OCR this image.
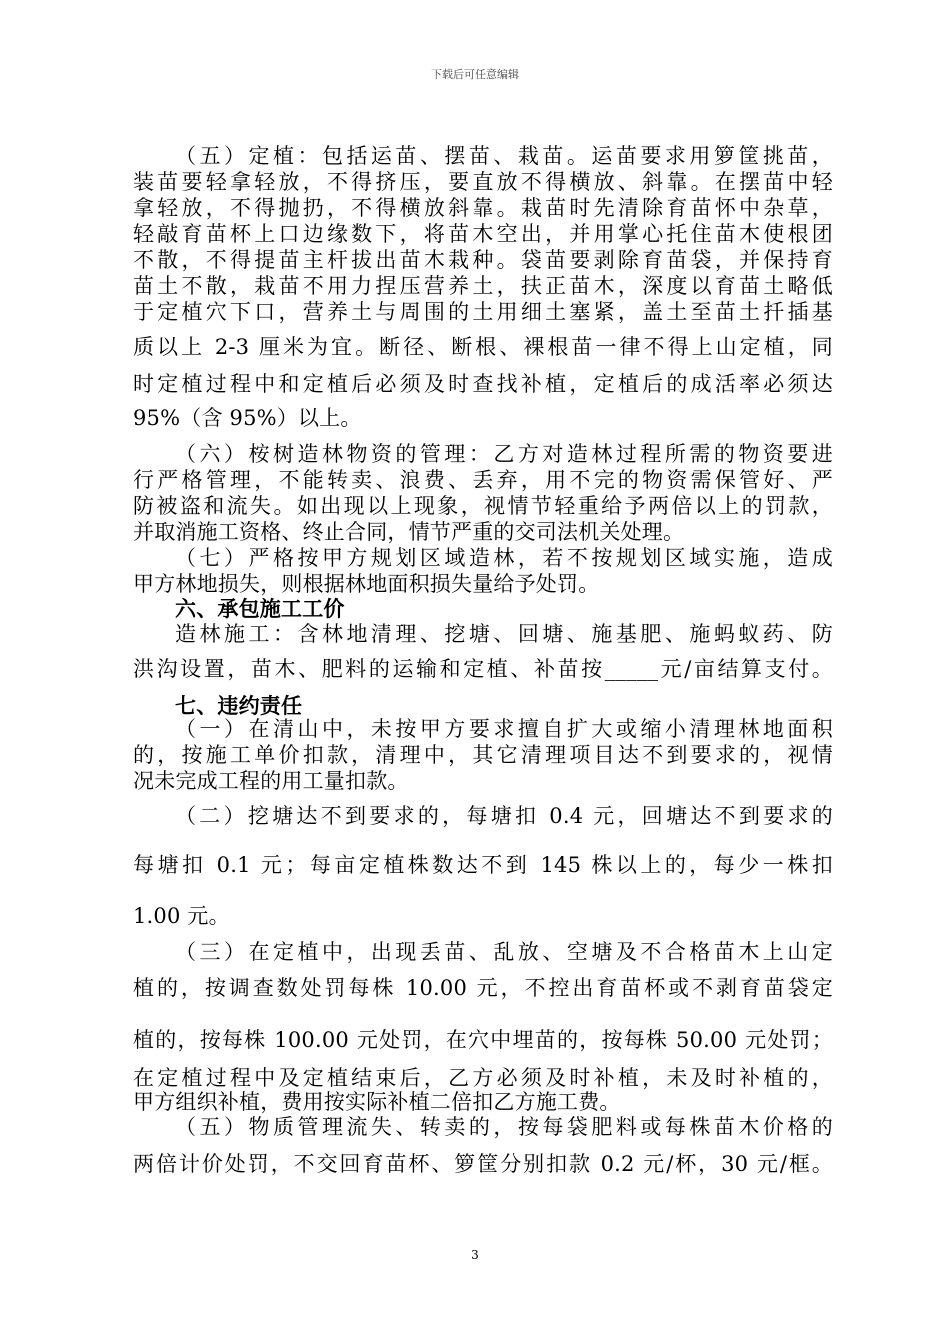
下载后可任意编辑
（五）定植：包括运苗、摆苗、栽苗。运苗要求用箩筐挑苗，
装苗要轻拿轻放，不得挤压，要直放不得横放、斜靠。在摆苗中轻
拿轻放，不得抛扔，不得横放斜靠。栽苗时先清除育苗怀中杂草，
轻敲育苗杯上口边缘数下，将苗木空出，并用掌心托住苗木使根团
不散，不得提苗主杆拔出苗木栽种。袋苗要剥除育苗袋，并保持育
苗土不散，栽苗不用力捏压营养土，扶正苗木，深度以育苗土略低
于定植穴下口，营养土与周围的土用细土塞紧，盖土至苗土扦插基
质以上 2-3 厘米为宜。断径、断根、裸根苗一律不得上山定植，同
时定植过程中和定植后必须及时查找补植，定植后的成活率必须达
95%（含 95%）以上。
（六）桉树造林物资的管理：乙方对造林过程所需的物资要进
行严格管理，不能转卖、浪费、丢弃，用不完的物资需保管好、严
防被盗和流失。如出现以上现象，视情节轻重给予两倍以上的罚款，
并取消施工资格、终止合同，情节严重的交司法机关处理。
（七）严格按甲方规划区域造林，若不按规划区域实施，造成
甲方林地损失，则根据林地面积损失量给予处罚。
六、承包施工工价
造林施工：含林地清理、挖塘、回塘、施基肥、施蚂蚁药、防
洪沟设置，苗木、肥料的运输和定植、补苗按_____元/亩结算支付。
七、违约责任
（一）在清山中，未按甲方要求擅自扩大或缩小清理林地面积
的，按施工单价扣款，清理中，其它清理项目达不到要求的，视情
况未完成工程的用工量扣款。
（二）挖塘达不到要求的，每塘扣 0.4 元，回塘达不到要求的
每塘扣 0.1 元；每亩定植株数达不到 145 株以上的，每少一株扣
1.00 元。
（三）在定植中，出现丢苗、乱放、空塘及不合格苗木上山定
植的，按调查数处罚每株 10.00 元，不控出育苗杯或不剥育苗袋定
植的，按每株 100.00 元处罚，在穴中埋苗的，按每株 50.00 元处罚；
在定植过程中及定植结束后，乙方必须及时补植，未及时补植的，
甲方组织补植，费用按实际补植二倍扣乙方施工费。
（五）物质管理流失、转卖的，按每袋肥料或每株苗木价格的
两倍计价处罚，不交回育苗杯、箩筐分别扣款 0.2 元/杯，30 元/框。
3
